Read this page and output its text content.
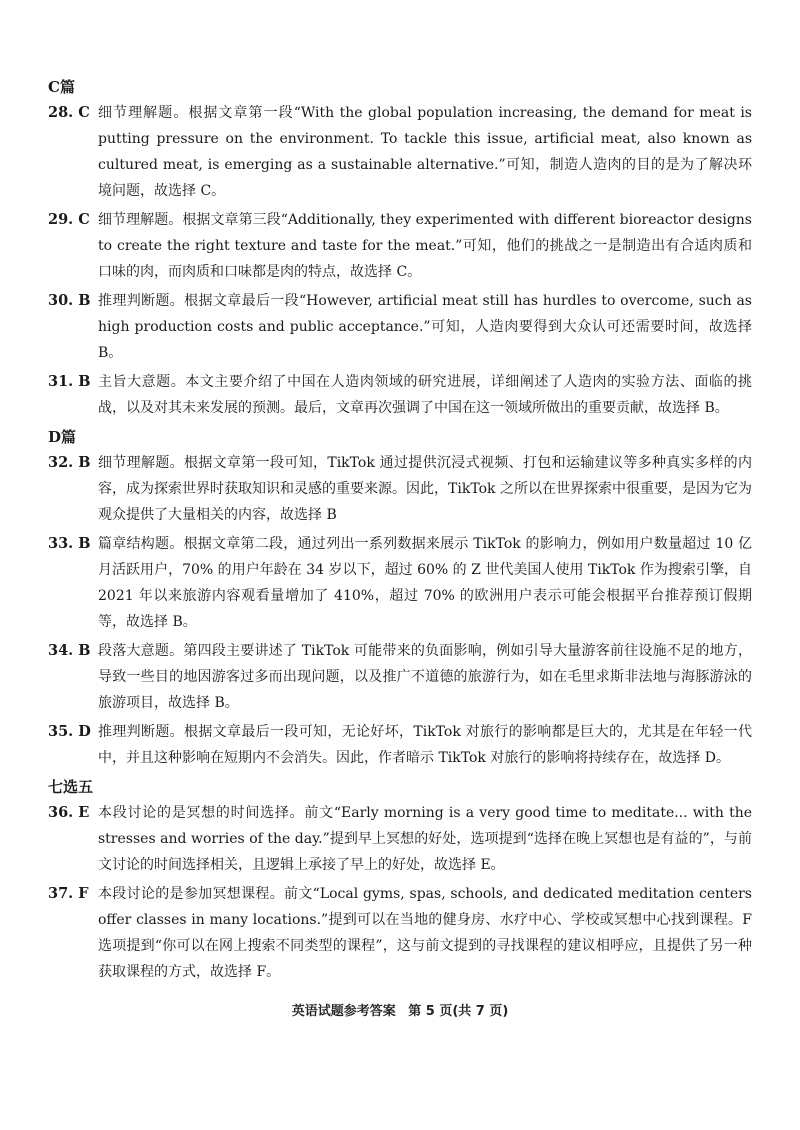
C篇
28. C 细节理解题。根据文章第一段“With the global population increasing, the demand for meat is putting pressure on the environment. To tackle this issue, artificial meat, also known as cultured meat, is emerging as a sustainable alternative.”可知，制造人造肉的目的是为了解决环境问题，故选择 C。
29. C 细节理解题。根据文章第三段“Additionally, they experimented with different bioreactor designs to create the right texture and taste for the meat.”可知，他们的挑战之一是制造出有合适肉质和口味的肉，而肉质和口味都是肉的特点，故选择 C。
30. B 推理判断题。根据文章最后一段“However, artificial meat still has hurdles to overcome, such as high production costs and public acceptance.”可知，人造肉要得到大众认可还需要时间，故选择 B。
31. B 主旨大意题。本文主要介绍了中国在人造肉领域的研究进展，详细阐述了人造肉的实验方法、面临的挑战，以及对其未来发展的预测。最后，文章再次强调了中国在这一领域所做出的重要贡献，故选择 B。
D篇
32. B 细节理解题。根据文章第一段可知，TikTok 通过提供沉浸式视频、打包和运输建议等多种真实多样的内容，成为探索世界时获取知识和灵感的重要来源。因此，TikTok 之所以在世界探索中很重要，是因为它为观众提供了大量相关的内容，故选择 B
33. B 篇章结构题。根据文章第二段，通过列出一系列数据来展示 TikTok 的影响力，例如用户数量超过 10 亿月活跃用户，70% 的用户年龄在 34 岁以下，超过 60% 的 Z 世代美国人使用 TikTok 作为搜索引擎，自 2021 年以来旅游内容观看量增加了 410%，超过 70% 的欧洲用户表示可能会根据平台推荐预订假期等，故选择 B。
34. B 段落大意题。第四段主要讲述了 TikTok 可能带来的负面影响，例如引导大量游客前往设施不足的地方，导致一些目的地因游客过多而出现问题，以及推广不道德的旅游行为，如在毛里求斯非法地与海豚游泳的旅游项目，故选择 B。
35. D 推理判断题。根据文章最后一段可知，无论好坏，TikTok 对旅行的影响都是巨大的，尤其是在年轻一代中，并且这种影响在短期内不会消失。因此，作者暗示 TikTok 对旅行的影响将持续存在，故选择 D。
七选五
36. E 本段讨论的是冥想的时间选择。前文“Early morning is a very good time to meditate... with the stresses and worries of the day.”提到早上冥想的好处，选项提到“选择在晚上冥想也是有益的”，与前文讨论的时间选择相关，且逻辑上承接了早上的好处，故选择 E。
37. F 本段讨论的是参加冥想课程。前文“Local gyms, spas, schools, and dedicated meditation centers offer classes in many locations.”提到可以在当地的健身房、水疗中心、学校或冥想中心找到课程。F 选项提到“你可以在网上搜索不同类型的课程”，这与前文提到的寻找课程的建议相呼应，且提供了另一种获取课程的方式，故选择 F。
英语试题参考答案 第 5 页(共 7 页)
